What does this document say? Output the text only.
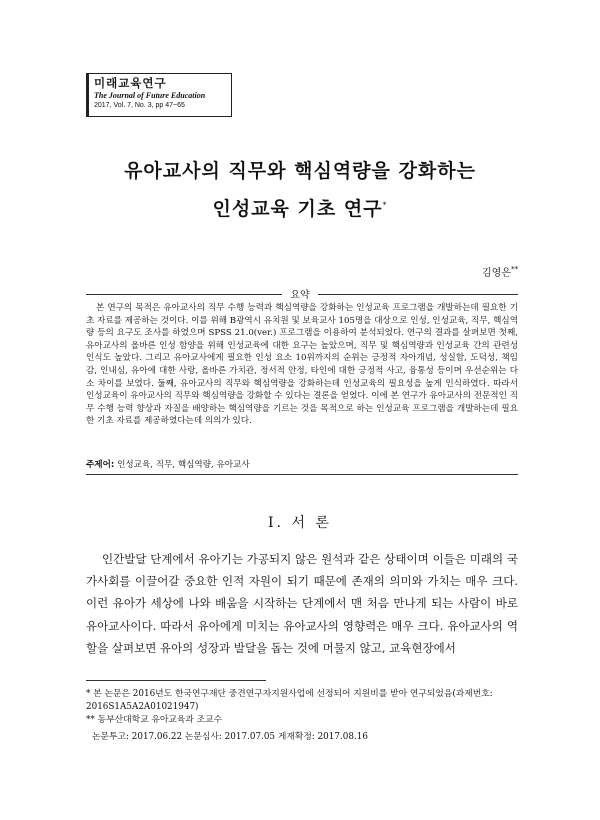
미래교육연구
The Journal of Future Education
2017, Vol. 7, No. 3, pp 47~65
유아교사의 직무와 핵심역량을 강화하는
인성교육 기초 연구*
김영은**
요약
본 연구의 목적은 유아교사의 직무 수행 능력과 핵심역량을 강화하는 인성교육 프로그램을 개발하는데 필요한 기초 자료를 제공하는 것이다. 이를 위해 B광역시 유치원 및 보육교사 105명을 대상으로 인성, 인성교육, 직무, 핵심역량 등의 요구도 조사를 하였으며 SPSS 21.0(ver.) 프로그램을 이용하여 분석되었다. 연구의 결과를 살펴보면 첫째, 유아교사의 올바른 인성 함양을 위해 인성교육에 대한 요구는 높았으며, 직무 및 핵심역량과 인성교육 간의 관련성 인식도 높았다. 그리고 유아교사에게 필요한 인성 요소 10위까지의 순위는 긍정적 자아개념, 성실함, 도덕성, 책임감, 인내심, 유아에 대한 사랑, 올바른 가치관, 정서적 안정, 타인에 대한 긍정적 사고, 융통성 등이며 우선순위는 다소 차이를 보였다. 둘째, 유아교사의 직무와 핵심역량을 강화하는데 인성교육의 필요성을 높게 인식하였다. 따라서 인성교육이 유아교사의 직무와 핵심역량을 강화할 수 있다는 결론을 얻었다. 이에 본 연구가 유아교사의 전문적인 직무 수행 능력 향상과 자질을 배양하는 핵심역량을 기르는 것을 목적으로 하는 인성교육 프로그램을 개발하는데 필요한 기초 자료를 제공하였다는데 의의가 있다.
주제어: 인성교육, 직무, 핵심역량, 유아교사
I. 서 론
인간발달 단계에서 유아기는 가공되지 않은 원석과 같은 상태이며 이들은 미래의 국가사회를 이끌어갈 중요한 인적 자원이 되기 때문에 존재의 의미와 가치는 매우 크다. 이런 유아가 세상에 나와 배움을 시작하는 단계에서 맨 처음 만나게 되는 사람이 바로 유아교사이다. 따라서 유아에게 미치는 유아교사의 영향력은 매우 크다. 유아교사의 역할을 살펴보면 유아의 성장과 발달을 돕는 것에 머물지 않고, 교육현장에서
* 본 논문은 2016년도 한국연구재단 중견연구자지원사업에 선정되어 지원비를 받아 연구되었음(과제번호: 2016S1A5A2A01021947)
** 동부산대학교 유아교육과 조교수
논문투고: 2017.06.22 논문심사: 2017.07.05 게재확정: 2017.08.16
